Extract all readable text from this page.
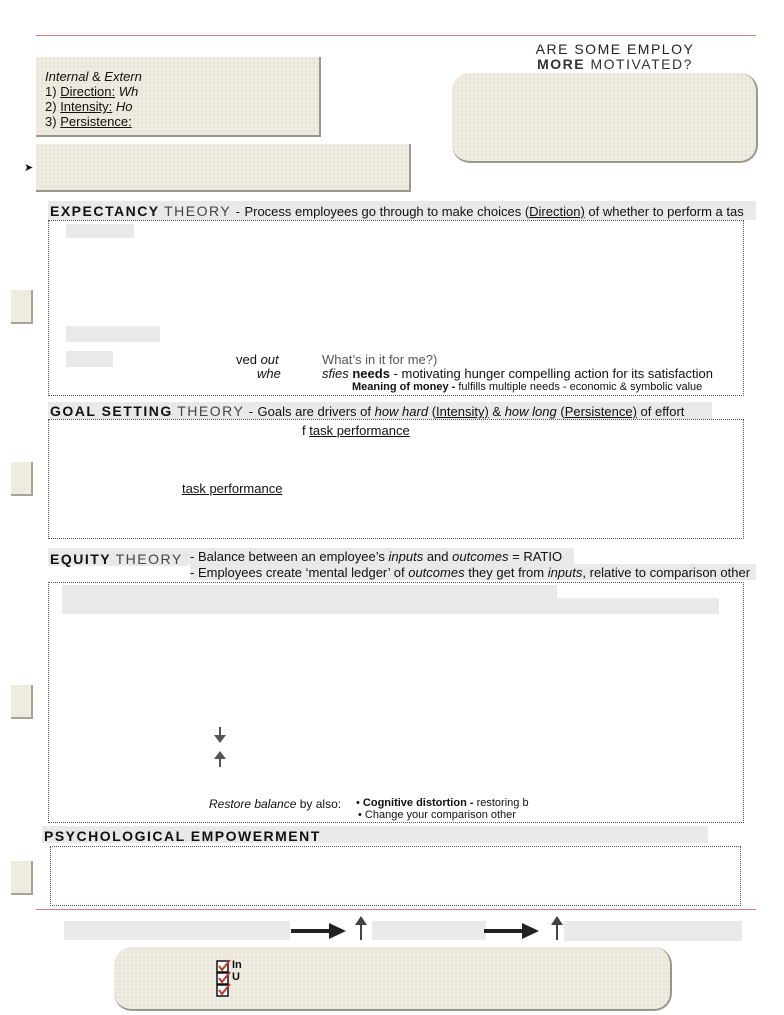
ARE SOME EMPLOY
MORE MOTIVATED?
Internal & Extern
1) Direction: Wh
2) Intensity: Ho
3) Persistence:
➤
EXPECTANCY THEORY - Process employees go through to make choices (Direction) of whether to perform a tas
ved out
whe
What’s in it for me?)
sfies needs - motivating hunger compelling action for its satisfaction
Meaning of money - fulfills multiple needs - economic & symbolic value
GOAL SETTING THEORY - Goals are drivers of how hard (Intensity) & how long (Persistence) of effort
f task performance
task performance
EQUITY THEORY - Balance between an employee’s inputs and outcomes = RATIO
- Employees create ‘mental ledger’ of outcomes they get from inputs, relative to comparison other
Restore balance by also: • Cognitive distortion - restoring b
• Change your comparison other
PSYCHOLOGICAL EMPOWERMENT
In
U
